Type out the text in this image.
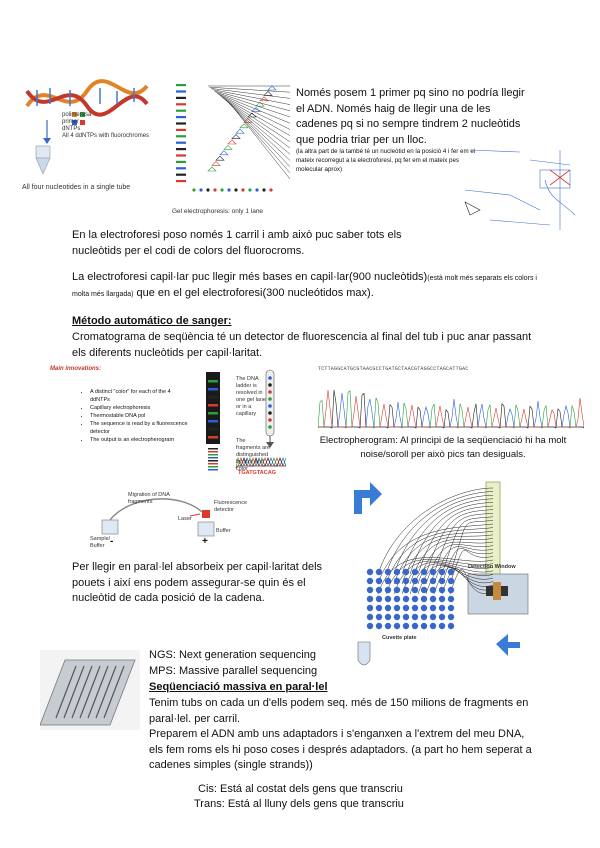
polimerasa
primer
dNTPs
All 4 ddNTPs with fluorochromes
All four nucleotides in a single tube
Gel electrophoresis: only 1 lane
Només posem 1 primer pq sino no podría llegir el ADN. Només haig de llegir una de les cadenes pq si no sempre tindrem 2 nucleòtids que podria triar per un lloc.
(la altra part de la també té un nucleòtid en la posició 4 i fer em el mateix recorregut a la electroforesi, pq fer em el mateix pes molecular aprox)
En la electroforesi poso només 1 carril i amb això puc saber tots els nucleòtids per el codi de colors del fluorocroms.
La electroforesi capil·lar puc llegir més bases en capil·lar(900 nucleòtids)(està molt més separats els colors i molta més llargada) que en el gel electroforesi(300 nucleótidos max).
Método automático de sanger:
Cromatograma de seqüència té un detector de fluorescencia al final del tub i puc anar passant els diferents nucleòtids per capil·laritat.
Main innovations:
• A distinct "color" for each of the 4 ddNTPs
• Capillary electrophoresis
• Thermostable DNA pol
• The sequence is read by a fluorescence detector
• The output is an electropherogram
GATC
The DNA ladder is resolved in one gel lane or in a capillary
The fragments are distinguished by size and color
TGATGTACAG
TCTTAGGCATGCGTAACGCCTGATGCTAACGTAGGCCTAGCATTGAC
Electropherogram: Al principi de la seqüenciació hi ha molt noise/soroll per això pics tan desiguals.
Migration of DNA fragments
Laser
Fluorescence detector
Sample/ Buffer
Buffer
-	+
Detection Window
Cuvette plate
Per llegir en paral·lel absorbeix per capil·laritat dels pouets i així ens podem assegurar-se quin és el nucleòtid de cada posició de la cadena.
NGS: Next generation sequencing
MPS: Massive parallel sequencing
Seqüenciació massiva en paral·lel
Tenim tubs on cada un d'ells podem seq. més de 150 milions de fragments en paral·lel. per carril.
Preparem el ADN amb uns adaptadors i s'enganxen a l'extrem del meu DNA, els fem roms els hi poso coses i després adaptadors. (a part ho hem seperat a cadenes simples (single strands))
Cis: Está al costat dels gens que transcriu
Trans: Está al lluny dels gens que transcriu
